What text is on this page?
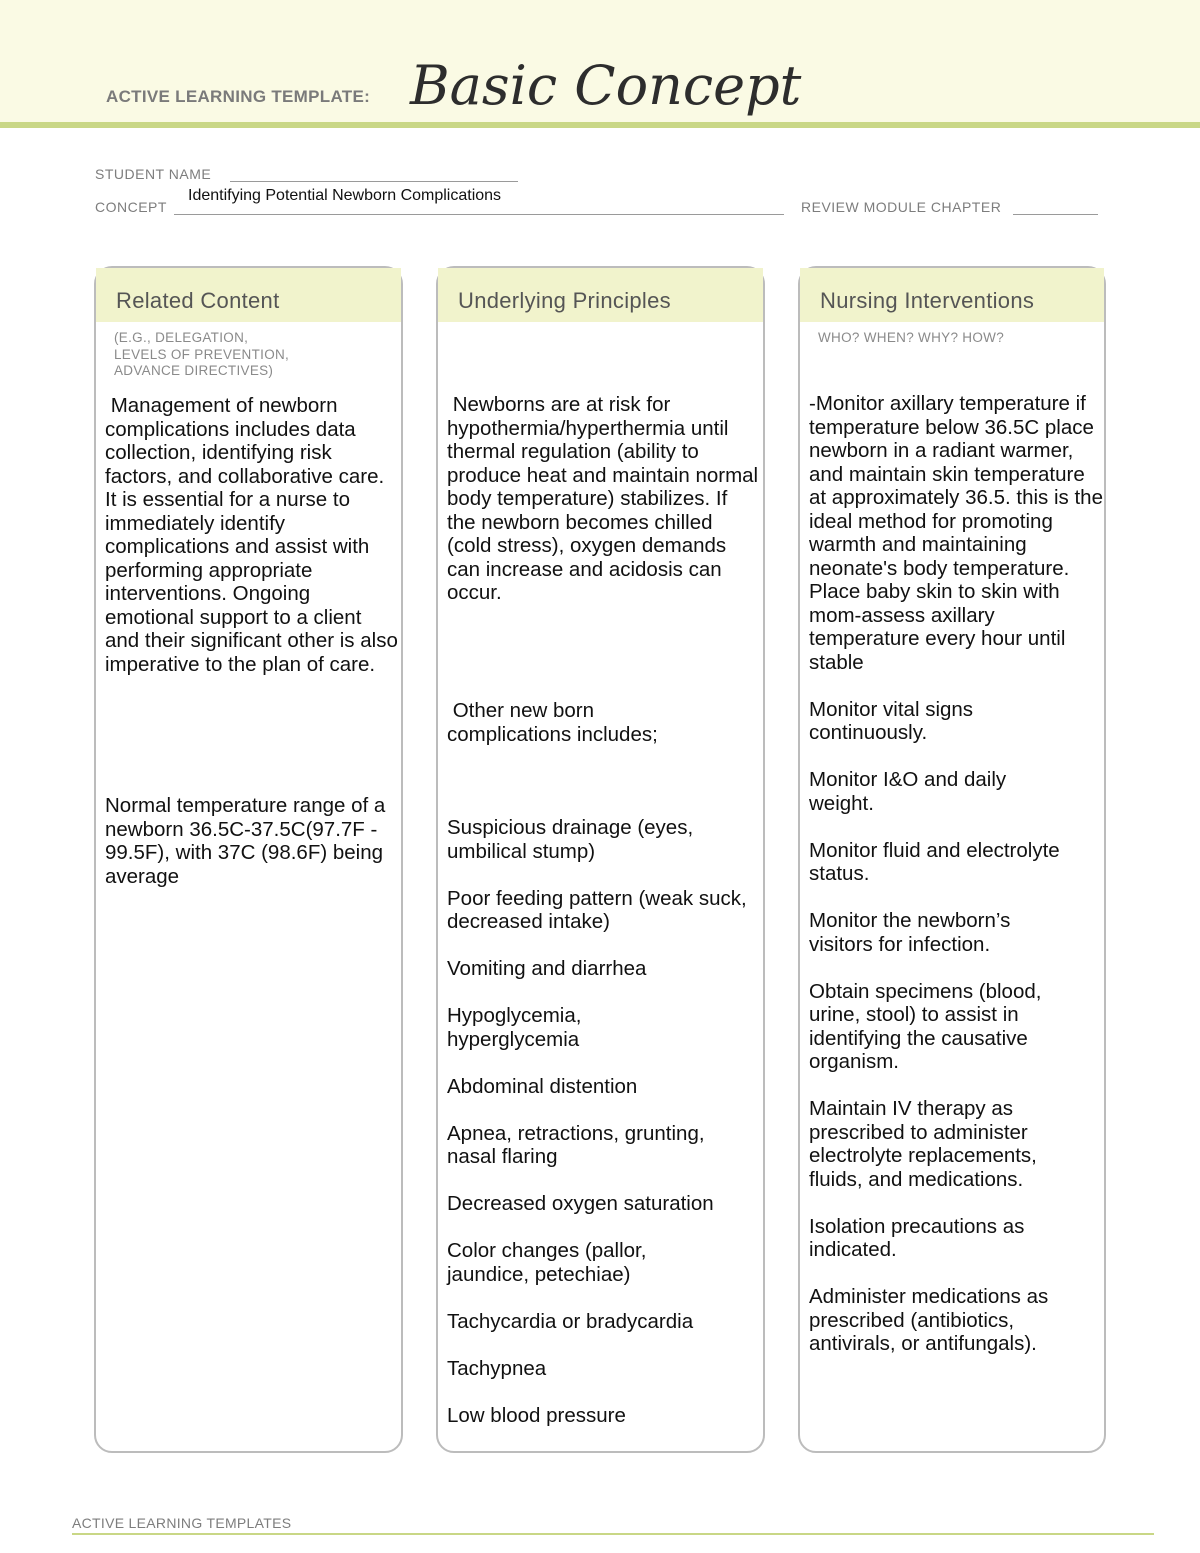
ACTIVE LEARNING TEMPLATE: Basic Concept
STUDENT NAME
CONCEPT
Identifying Potential Newborn Complications
REVIEW MODULE CHAPTER
Related Content
(E.G., DELEGATION,
LEVELS OF PREVENTION,
ADVANCE DIRECTIVES)
Management of newborn complications includes data collection, identifying risk factors, and collaborative care. It is essential for a nurse to immediately identify complications and assist with performing appropriate interventions. Ongoing emotional support to a client and their significant other is also imperative to the plan of care.
Normal temperature range of a newborn 36.5C-37.5C(97.7F - 99.5F), with 37C (98.6F) being average
Underlying Principles
Newborns are at risk for hypothermia/hyperthermia until thermal regulation (ability to produce heat and maintain normal body temperature) stabilizes. If the newborn becomes chilled (cold stress), oxygen demands can increase and acidosis can occur.
Other new born complications includes;
Suspicious drainage (eyes, umbilical stump)
Poor feeding pattern (weak suck, decreased intake)
Vomiting and diarrhea
Hypoglycemia, hyperglycemia
Abdominal distention
Apnea, retractions, grunting, nasal flaring
Decreased oxygen saturation
Color changes (pallor, jaundice, petechiae)
Tachycardia or bradycardia
Tachypnea
Low blood pressure
Nursing Interventions
WHO? WHEN? WHY? HOW?
-Monitor axillary temperature if temperature below 36.5C place newborn in a radiant warmer, and maintain skin temperature at approximately 36.5. this is the ideal method for promoting warmth and maintaining neonate's body temperature.   Place baby skin to skin with mom-assess axillary temperature every hour until stable
Monitor vital signs continuously.
Monitor I&O and daily weight.
Monitor fluid and electrolyte status.
Monitor the newborn’s visitors for infection.
Obtain specimens (blood, urine, stool) to assist in identifying the causative organism.
Maintain IV therapy as prescribed to administer electrolyte replacements, fluids, and medications.
Isolation precautions as indicated.
Administer medications as prescribed (antibiotics, antivirals, or antifungals).
ACTIVE LEARNING TEMPLATES
